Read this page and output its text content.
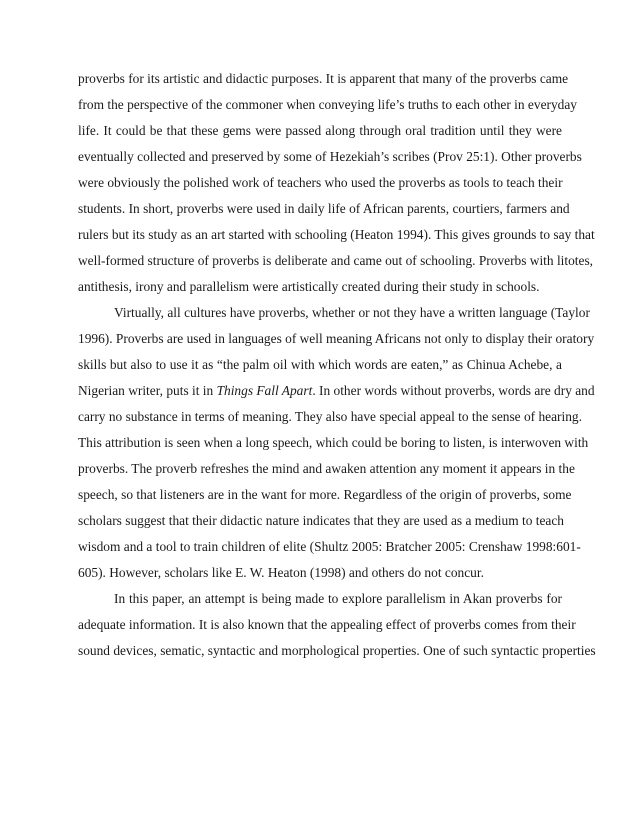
proverbs for its artistic and didactic purposes. It is apparent that many of the proverbs came
from the perspective of the commoner when conveying life’s truths to each other in everyday
life. It could be that these gems were passed along through oral tradition until they were
eventually collected and preserved by some of Hezekiah’s scribes (Prov 25:1). Other proverbs
were obviously the polished work of teachers who used the proverbs as tools to teach their
students. In short, proverbs were used in daily life of African parents, courtiers, farmers and
rulers but its study as an art started with schooling (Heaton 1994). This gives grounds to say that
well-formed structure of proverbs is deliberate and came out of schooling. Proverbs with litotes,
antithesis, irony and parallelism were artistically created during their study in schools.
Virtually, all cultures have proverbs, whether or not they have a written language (Taylor
1996). Proverbs are used in languages of well meaning Africans not only to display their oratory
skills but also to use it as “the palm oil with which words are eaten,” as Chinua Achebe, a
Nigerian writer, puts it in Things Fall Apart. In other words without proverbs, words are dry and
carry no substance in terms of meaning. They also have special appeal to the sense of hearing.
This attribution is seen when a long speech, which could be boring to listen, is interwoven with
proverbs. The proverb refreshes the mind and awaken attention any moment it appears in the
speech, so that listeners are in the want for more. Regardless of the origin of proverbs, some
scholars suggest that their didactic nature indicates that they are used as a medium to teach
wisdom and a tool to train children of elite (Shultz 2005: Bratcher 2005: Crenshaw 1998:601-
605). However, scholars like E. W. Heaton (1998) and others do not concur.
In this paper, an attempt is being made to explore parallelism in Akan proverbs for
adequate information. It is also known that the appealing effect of proverbs comes from their
sound devices, sematic, syntactic and morphological properties. One of such syntactic properties
